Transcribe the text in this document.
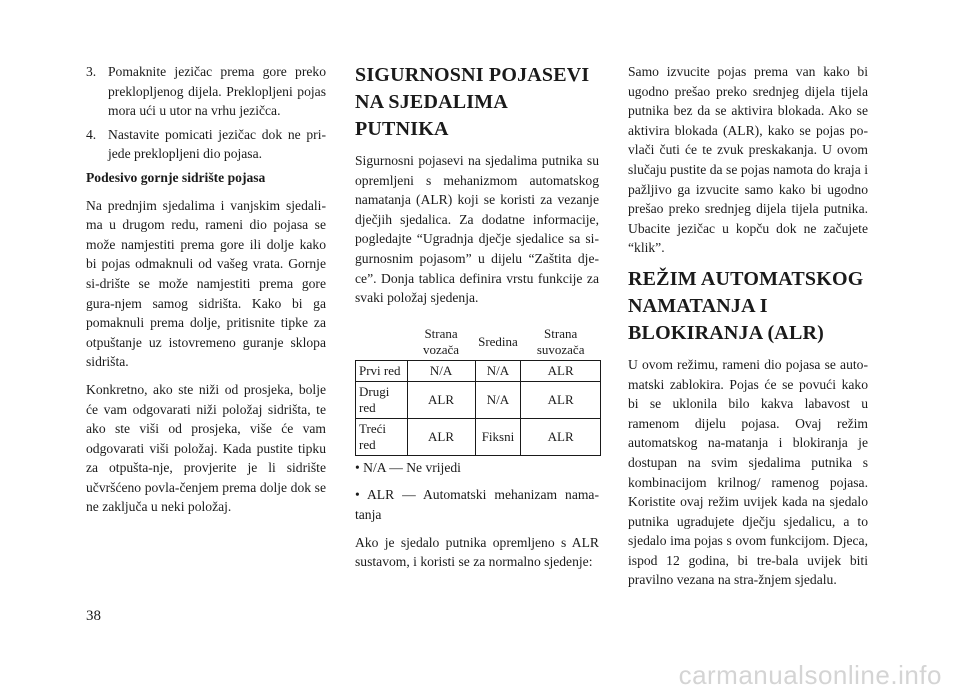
3. Pomaknite jezičac prema gore preko preklopljenog dijela. Preklopljeni pojas mora ući u utor na vrhu jezičca.
4. Nastavite pomicati jezičac dok ne pri-jede preklopljeni dio pojasa.

Podesivo gornje sidrište pojasa

Na prednjim sjedalima i vanjskim sjedali-ma u drugom redu, rameni dio pojasa se može namjestiti prema gore ili dolje kako bi pojas odmaknuli od vašeg vrata. Gornje si-drište se može namjestiti prema gore gura-njem samog sidrišta. Kako bi ga pomaknuli prema dolje, pritisnite tipke za otpuštanje uz istovremeno guranje sklopa sidrišta.

Konkretno, ako ste niži od prosjeka, bolje će vam odgovarati niži položaj sidrišta, te ako ste viši od prosjeka, više će vam odgovarati viši položaj. Kada pustite tipku za otpušta-nje, provjerite je li sidrište učvršćeno povla-čenjem prema dolje dok se ne zaključa u neki položaj.

SIGURNOSNI POJASEVI NA SJEDALIMA PUTNIKA

Sigurnosni pojasevi na sjedalima putnika su opremljeni s mehanizmom automatskog namatanja (ALR) koji se koristi za vezanje dječjih sjedalica. Za dodatne informacije, pogledajte “Ugradnja dječje sjedalice sa si-gurnosnim pojasom” u dijelu “Zaštita dje-ce”. Donja tablica definira vrstu funkcije za svaki položaj sjedenja.

	Strana vozača	Sredina	Strana suvozača
Prvi red	N/A	N/A	ALR
Drugi red	ALR	N/A	ALR
Treći red	ALR	Fiksni	ALR

• N/A — Ne vrijedi

• ALR — Automatski mehanizam nama-tanja

Ako je sjedalo putnika opremljeno s ALR sustavom, i koristi se za normalno sjedenje:

Samo izvucite pojas prema van kako bi ugodno prešao preko srednjeg dijela tijela putnika bez da se aktivira blokada. Ako se aktivira blokada (ALR), kako se pojas po-vlači čuti će te zvuk preskakanja. U ovom slučaju pustite da se pojas namota do kraja i pažljivo ga izvucite samo kako bi ugodno prešao preko srednjeg dijela tijela putnika. Ubacite jezičac u kopču dok ne začujete “klik”.

REŽIM AUTOMATSKOG NAMATANJA I BLOKIRANJA (ALR)

U ovom režimu, rameni dio pojasa se auto-matski zablokira. Pojas će se povući kako bi se uklonila bilo kakva labavost u ramenom dijelu pojasa. Ovaj režim automatskog na-matanja i blokiranja je dostupan na svim sjedalima putnika s kombinacijom krilnog/ ramenog pojasa. Koristite ovaj režim uvijek kada na sjedalo putnika ugradujete dječju sjedalicu, a to sjedalo ima pojas s ovom funkcijom. Djeca, ispod 12 godina, bi tre-bala uvijek biti pravilno vezana na stra-žnjem sjedalu.

38
carmanualsonline.info
